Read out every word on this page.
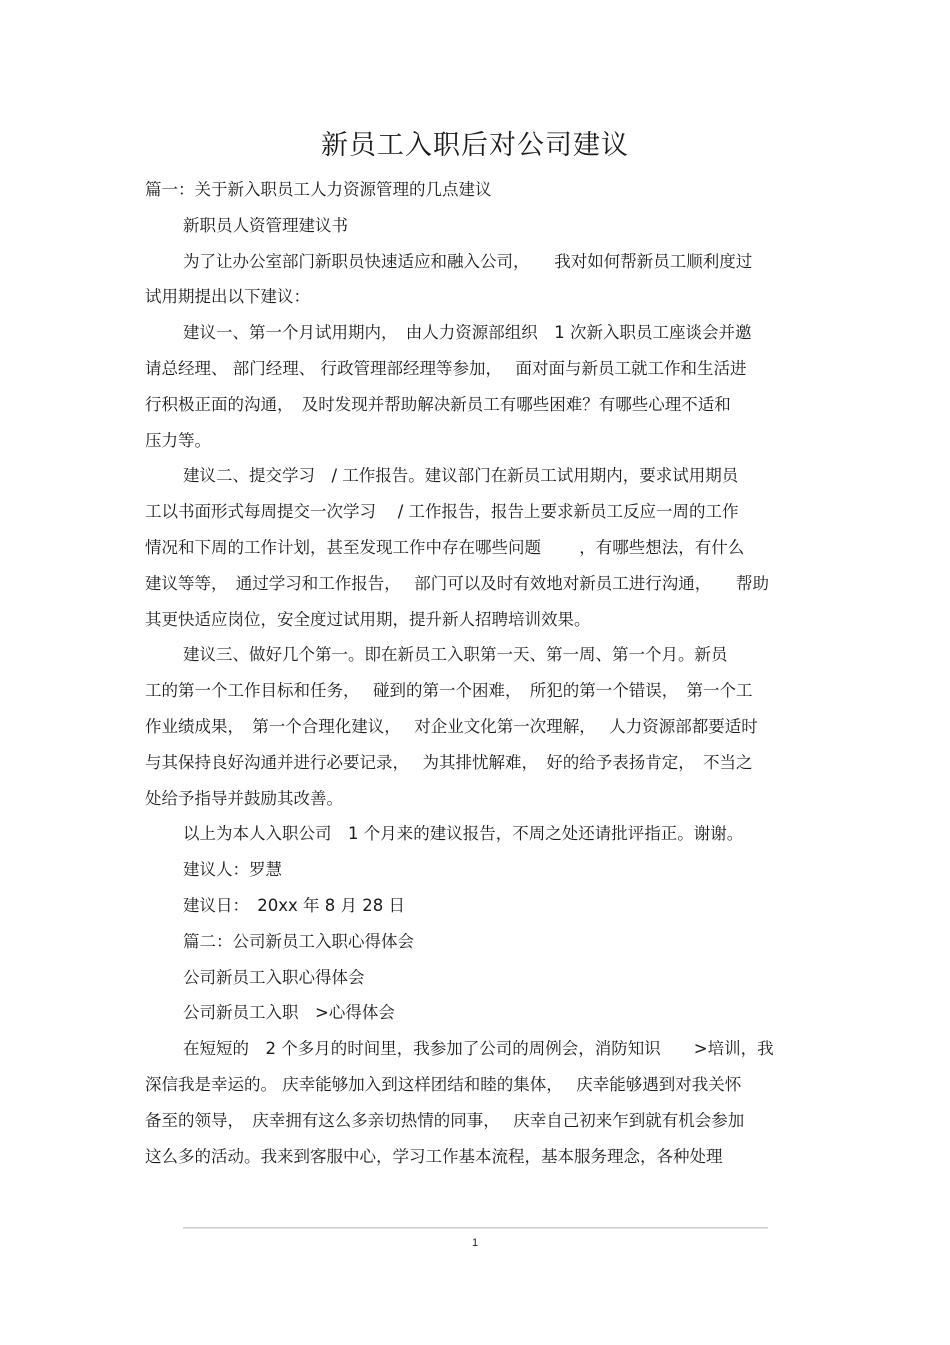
新员工入职后对公司建议
篇一：关于新入职员工人力资源管理的几点建议
新职员人资管理建议书
为了让办公室部门新职员快速适应和融入公司，　　我对如何帮新员工顺利度过
试用期提出以下建议：
建议一、第一个月试用期内，　由人力资源部组织　1 次新入职员工座谈会并邀
请总经理、 部门经理、 行政管理部经理等参加，　 面对面与新员工就工作和生活进
行积极正面的沟通，　及时发现并帮助解决新员工有哪些困难？有哪些心理不适和
压力等。
建议二、提交学习　/ 工作报告。建议部门在新员工试用期内，要求试用期员
工以书面形式每周提交一次学习　 / 工作报告，报告上要求新员工反应一周的工作
情况和下周的工作计划，甚至发现工作中存在哪些问题　　 ，有哪些想法，有什么
建议等等，　通过学习和工作报告，　 部门可以及时有效地对新员工进行沟通，　　帮助
其更快适应岗位，安全度过试用期，提升新人招聘培训效果。
建议三、做好几个第一。即在新员工入职第一天、第一周、第一个月。新员
工的第一个工作目标和任务，　 碰到的第一个困难，　所犯的第一个错误，　第一个工
作业绩成果，　第一个合理化建议，　 对企业文化第一次理解，　 人力资源部都要适时
与其保持良好沟通并进行必要记录，　 为其排忧解难，　好的给予表扬肯定，　不当之
处给予指导并鼓励其改善。
以上为本人入职公司　1 个月来的建议报告，不周之处还请批评指正。谢谢。
建议人：罗慧
建议日：　20xx 年 8 月 28 日
篇二：公司新员工入职心得体会
公司新员工入职心得体会
公司新员工入职　>心得体会
在短短的　2 个多月的时间里，我参加了公司的周例会，消防知识　　>培训，我
深信我是幸运的。 庆幸能够加入到这样团结和睦的集体，　 庆幸能够遇到对我关怀
备至的领导，　庆幸拥有这么多亲切热情的同事，　 庆幸自己初来乍到就有机会参加
这么多的活动。我来到客服中心，学习工作基本流程，基本服务理念，各种处理
1
